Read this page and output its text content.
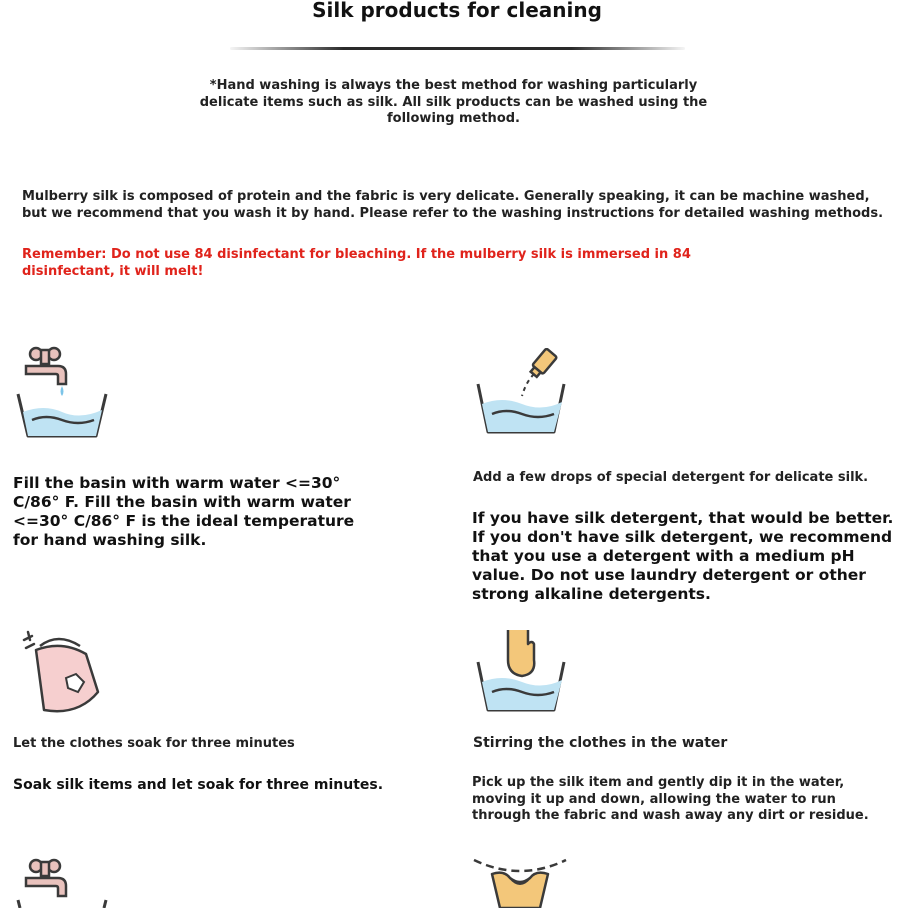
Silk products for cleaning
*Hand washing is always the best method for washing particularly delicate items such as silk. All silk products can be washed using the following method.
Mulberry silk is composed of protein and the fabric is very delicate. Generally speaking, it can be machine washed, but we recommend that you wash it by hand. Please refer to the washing instructions for detailed washing methods.
Remember: Do not use 84 disinfectant for bleaching. If the mulberry silk is immersed in 84 disinfectant, it will melt!
Fill the basin with warm water <=30° C/86° F. Fill the basin with warm water <=30° C/86° F is the ideal temperature for hand washing silk.
Add a few drops of special detergent for delicate silk.
If you have silk detergent, that would be better. If you don't have silk detergent, we recommend that you use a detergent with a medium pH value. Do not use laundry detergent or other strong alkaline detergents.
Let the clothes soak for three minutes
Soak silk items and let soak for three minutes.
Stirring the clothes in the water
Pick up the silk item and gently dip it in the water, moving it up and down, allowing the water to run through the fabric and wash away any dirt or residue.
